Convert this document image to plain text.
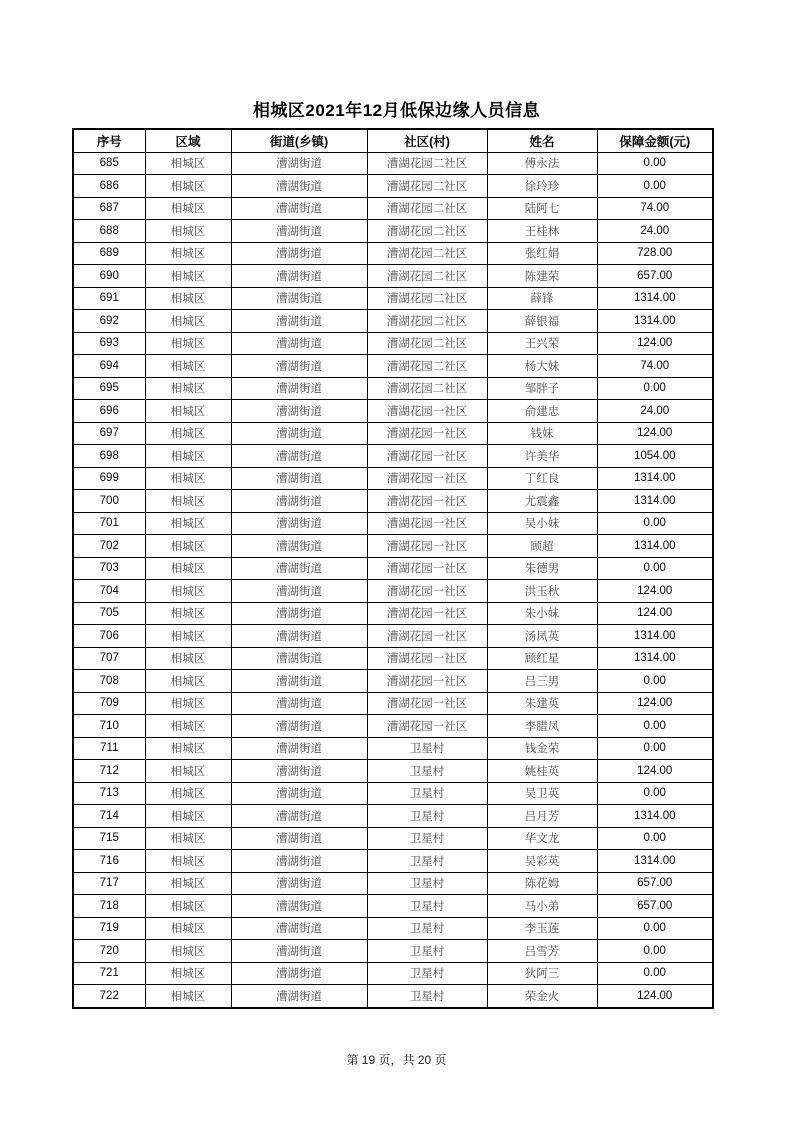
相城区2021年12月低保边缘人员信息
序号	区域	街道(乡镇)	社区(村)	姓名	保障金额(元)
685	相城区	漕湖街道	漕湖花园二社区	傅永法	0.00
686	相城区	漕湖街道	漕湖花园二社区	徐玲珍	0.00
687	相城区	漕湖街道	漕湖花园二社区	陆阿七	74.00
688	相城区	漕湖街道	漕湖花园二社区	王桂林	24.00
689	相城区	漕湖街道	漕湖花园二社区	张红娟	728.00
690	相城区	漕湖街道	漕湖花园二社区	陈建荣	657.00
691	相城区	漕湖街道	漕湖花园二社区	薛锋	1314.00
692	相城区	漕湖街道	漕湖花园二社区	薛银福	1314.00
693	相城区	漕湖街道	漕湖花园二社区	王兴荣	124.00
694	相城区	漕湖街道	漕湖花园二社区	杨大妹	74.00
695	相城区	漕湖街道	漕湖花园二社区	邹胖子	0.00
696	相城区	漕湖街道	漕湖花园一社区	俞建忠	24.00
697	相城区	漕湖街道	漕湖花园一社区	钱妹	124.00
698	相城区	漕湖街道	漕湖花园一社区	许美华	1054.00
699	相城区	漕湖街道	漕湖花园一社区	丁红良	1314.00
700	相城区	漕湖街道	漕湖花园一社区	尤震鑫	1314.00
701	相城区	漕湖街道	漕湖花园一社区	吴小妹	0.00
702	相城区	漕湖街道	漕湖花园一社区	顾超	1314.00
703	相城区	漕湖街道	漕湖花园一社区	朱德男	0.00
704	相城区	漕湖街道	漕湖花园一社区	洪玉秋	124.00
705	相城区	漕湖街道	漕湖花园一社区	朱小妹	124.00
706	相城区	漕湖街道	漕湖花园一社区	汤凤英	1314.00
707	相城区	漕湖街道	漕湖花园一社区	顾红星	1314.00
708	相城区	漕湖街道	漕湖花园一社区	吕三男	0.00
709	相城区	漕湖街道	漕湖花园一社区	朱建英	124.00
710	相城区	漕湖街道	漕湖花园一社区	李腊凤	0.00
711	相城区	漕湖街道	卫星村	钱金荣	0.00
712	相城区	漕湖街道	卫星村	姚桂英	124.00
713	相城区	漕湖街道	卫星村	吴卫英	0.00
714	相城区	漕湖街道	卫星村	吕月芳	1314.00
715	相城区	漕湖街道	卫星村	华文龙	0.00
716	相城区	漕湖街道	卫星村	吴彩英	1314.00
717	相城区	漕湖街道	卫星村	陈花姆	657.00
718	相城区	漕湖街道	卫星村	马小弟	657.00
719	相城区	漕湖街道	卫星村	李玉莲	0.00
720	相城区	漕湖街道	卫星村	吕雪芳	0.00
721	相城区	漕湖街道	卫星村	狄阿三	0.00
722	相城区	漕湖街道	卫星村	荣金火	124.00
第 19 页，共 20 页
